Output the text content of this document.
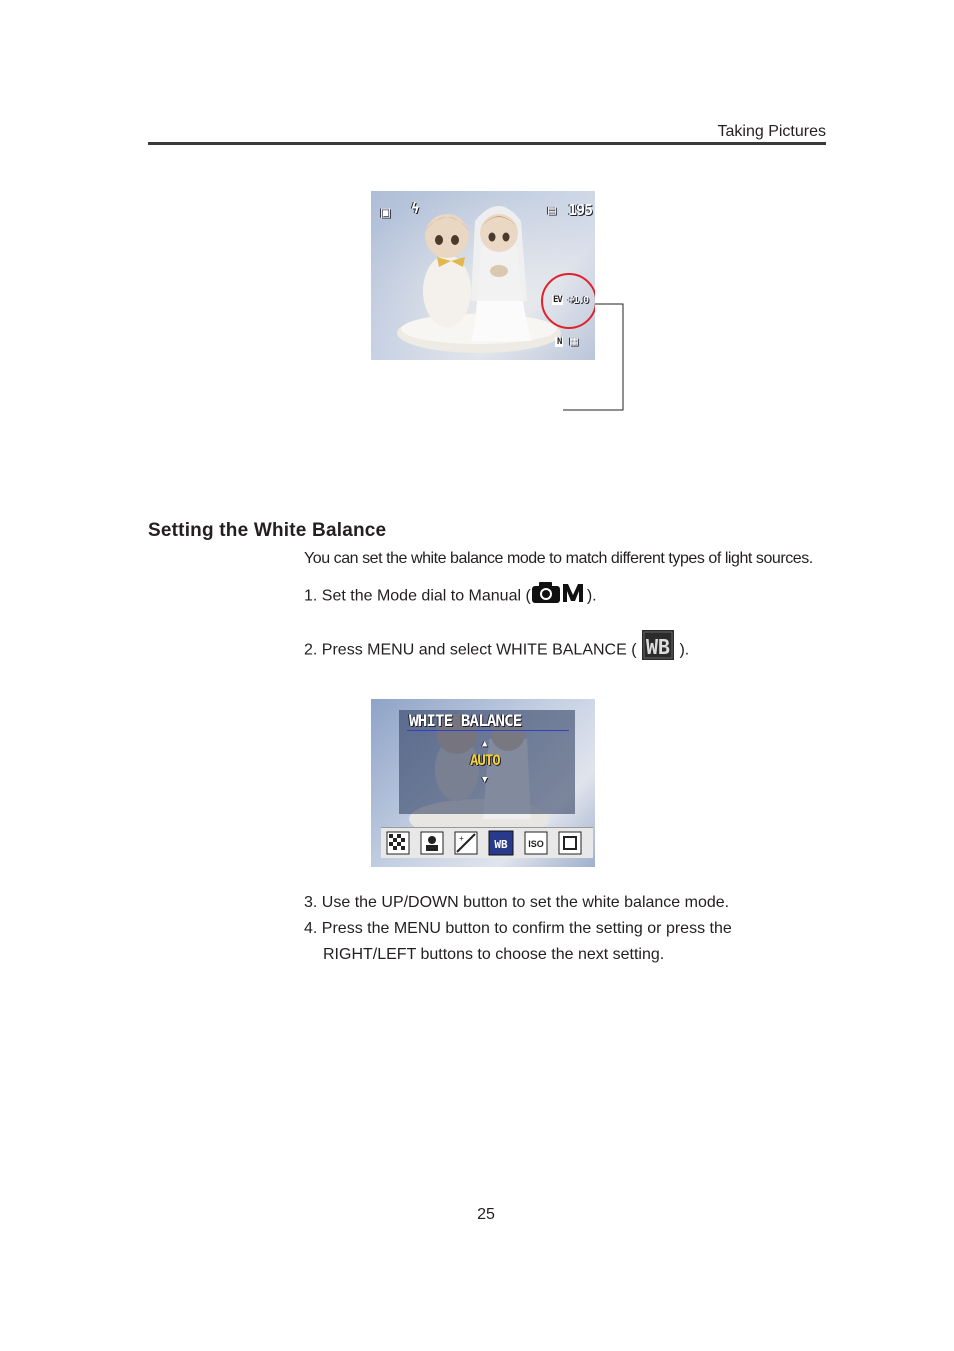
Taking Pictures
▣ ϟ	▤ 195
EV +1.0
N ▦
Setting the White Balance
You can set the white balance mode to match different types of light sources.
1. Set the Mode dial to Manual (	).
2. Press MENU and select WHITE BALANCE ( WB ).
WHITE BALANCE
▲
AUTO
▼
+	WB ISO
3. Use the UP/DOWN button to set the white balance mode.
4. Press the MENU button to confirm the setting or press the
RIGHT/LEFT buttons to choose the next setting.
25
